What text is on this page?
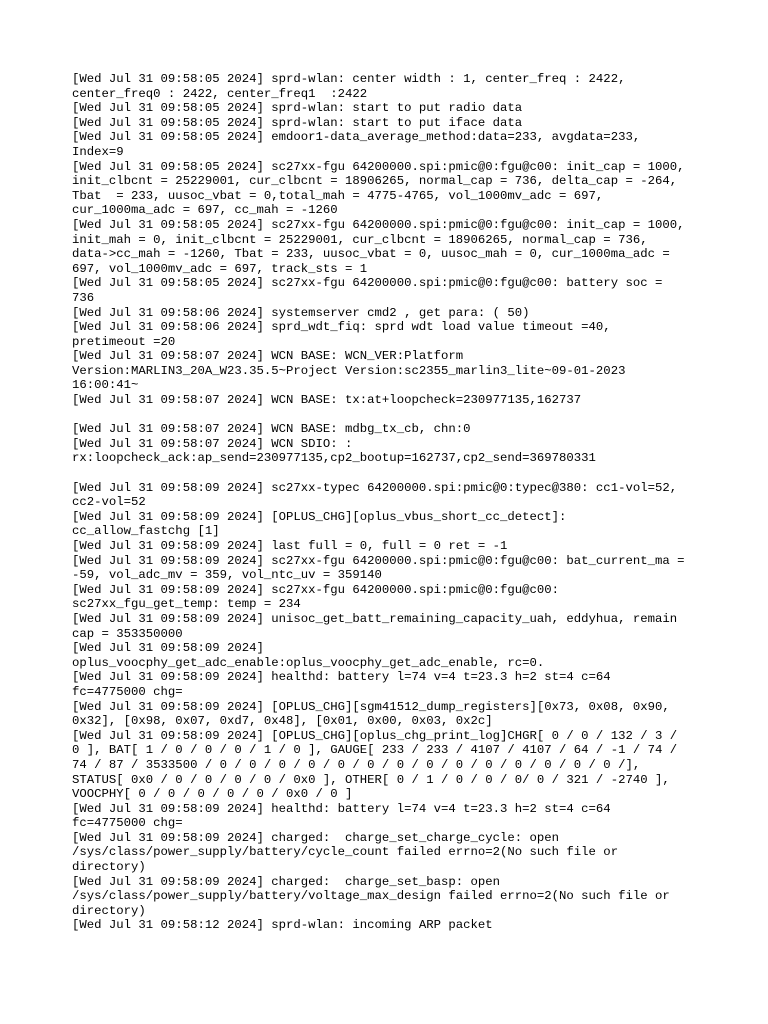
[Wed Jul 31 09:58:05 2024] sprd-wlan: center width : 1, center_freq : 2422,
center_freq0 : 2422, center_freq1  :2422
[Wed Jul 31 09:58:05 2024] sprd-wlan: start to put radio data
[Wed Jul 31 09:58:05 2024] sprd-wlan: start to put iface data
[Wed Jul 31 09:58:05 2024] emdoor1-data_average_method:data=233, avgdata=233,
Index=9
[Wed Jul 31 09:58:05 2024] sc27xx-fgu 64200000.spi:pmic@0:fgu@c00: init_cap = 1000,
init_clbcnt = 25229001, cur_clbcnt = 18906265, normal_cap = 736, delta_cap = -264,
Tbat  = 233, uusoc_vbat = 0,total_mah = 4775-4765, vol_1000mv_adc = 697,
cur_1000ma_adc = 697, cc_mah = -1260
[Wed Jul 31 09:58:05 2024] sc27xx-fgu 64200000.spi:pmic@0:fgu@c00: init_cap = 1000,
init_mah = 0, init_clbcnt = 25229001, cur_clbcnt = 18906265, normal_cap = 736,
data->cc_mah = -1260, Tbat = 233, uusoc_vbat = 0, uusoc_mah = 0, cur_1000ma_adc =
697, vol_1000mv_adc = 697, track_sts = 1
[Wed Jul 31 09:58:05 2024] sc27xx-fgu 64200000.spi:pmic@0:fgu@c00: battery soc =
736
[Wed Jul 31 09:58:06 2024] systemserver cmd2 , get para: ( 50)
[Wed Jul 31 09:58:06 2024] sprd_wdt_fiq: sprd wdt load value timeout =40,
pretimeout =20
[Wed Jul 31 09:58:07 2024] WCN BASE: WCN_VER:Platform
Version:MARLIN3_20A_W23.35.5~Project Version:sc2355_marlin3_lite~09-01-2023
16:00:41~
[Wed Jul 31 09:58:07 2024] WCN BASE: tx:at+loopcheck=230977135,162737
[Wed Jul 31 09:58:07 2024] WCN BASE: mdbg_tx_cb, chn:0
[Wed Jul 31 09:58:07 2024] WCN SDIO: :
rx:loopcheck_ack:ap_send=230977135,cp2_bootup=162737,cp2_send=369780331
[Wed Jul 31 09:58:09 2024] sc27xx-typec 64200000.spi:pmic@0:typec@380: cc1-vol=52,
cc2-vol=52
[Wed Jul 31 09:58:09 2024] [OPLUS_CHG][oplus_vbus_short_cc_detect]:
cc_allow_fastchg [1]
[Wed Jul 31 09:58:09 2024] last full = 0, full = 0 ret = -1
[Wed Jul 31 09:58:09 2024] sc27xx-fgu 64200000.spi:pmic@0:fgu@c00: bat_current_ma =
-59, vol_adc_mv = 359, vol_ntc_uv = 359140
[Wed Jul 31 09:58:09 2024] sc27xx-fgu 64200000.spi:pmic@0:fgu@c00:
sc27xx_fgu_get_temp: temp = 234
[Wed Jul 31 09:58:09 2024] unisoc_get_batt_remaining_capacity_uah, eddyhua, remain
cap = 353350000
[Wed Jul 31 09:58:09 2024]
oplus_voocphy_get_adc_enable:oplus_voocphy_get_adc_enable, rc=0.
[Wed Jul 31 09:58:09 2024] healthd: battery l=74 v=4 t=23.3 h=2 st=4 c=64
fc=4775000 chg=
[Wed Jul 31 09:58:09 2024] [OPLUS_CHG][sgm41512_dump_registers][0x73, 0x08, 0x90,
0x32], [0x98, 0x07, 0xd7, 0x48], [0x01, 0x00, 0x03, 0x2c]
[Wed Jul 31 09:58:09 2024] [OPLUS_CHG][oplus_chg_print_log]CHGR[ 0 / 0 / 132 / 3 /
0 ], BAT[ 1 / 0 / 0 / 0 / 1 / 0 ], GAUGE[ 233 / 233 / 4107 / 4107 / 64 / -1 / 74 /
74 / 87 / 3533500 / 0 / 0 / 0 / 0 / 0 / 0 / 0 / 0 / 0 / 0 / 0 / 0 / 0 / 0 /],
STATUS[ 0x0 / 0 / 0 / 0 / 0 / 0x0 ], OTHER[ 0 / 1 / 0 / 0 / 0/ 0 / 321 / -2740 ],
VOOCPHY[ 0 / 0 / 0 / 0 / 0 / 0x0 / 0 ]
[Wed Jul 31 09:58:09 2024] healthd: battery l=74 v=4 t=23.3 h=2 st=4 c=64
fc=4775000 chg=
[Wed Jul 31 09:58:09 2024] charged:  charge_set_charge_cycle: open
/sys/class/power_supply/battery/cycle_count failed errno=2(No such file or
directory)
[Wed Jul 31 09:58:09 2024] charged:  charge_set_basp: open
/sys/class/power_supply/battery/voltage_max_design failed errno=2(No such file or
directory)
[Wed Jul 31 09:58:12 2024] sprd-wlan: incoming ARP packet
